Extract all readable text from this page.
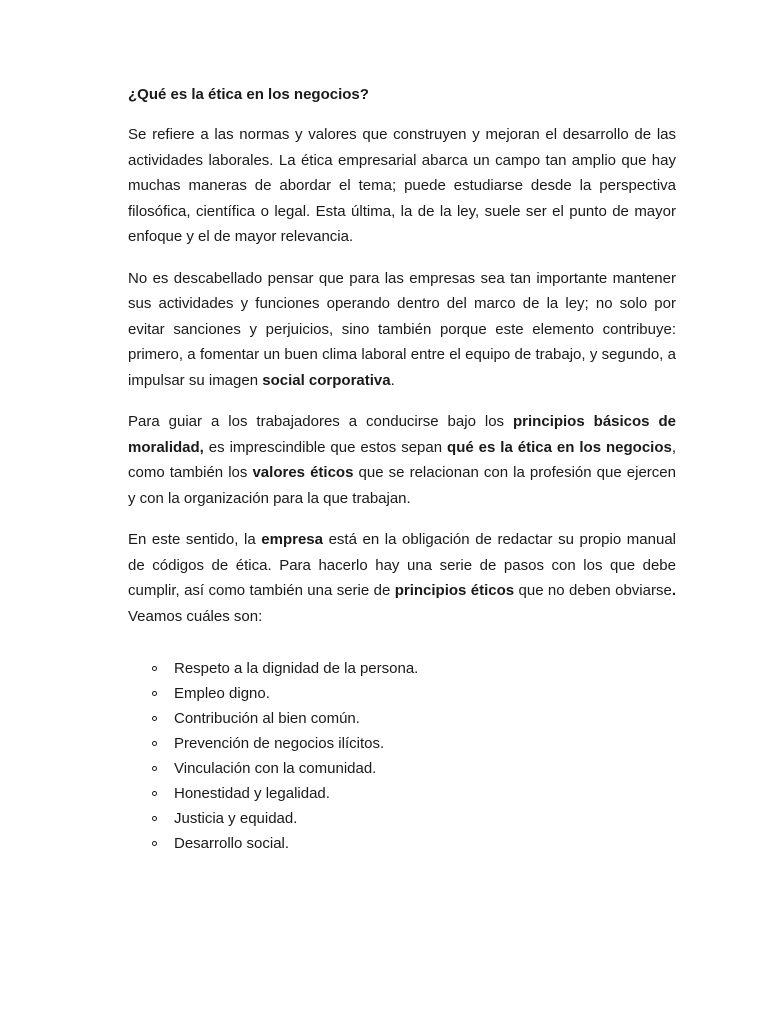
¿Qué es la ética en los negocios?

Se refiere a las normas y valores que construyen y mejoran el desarrollo de las actividades laborales. La ética empresarial abarca un campo tan amplio que hay muchas maneras de abordar el tema; puede estudiarse desde la perspectiva filosófica, científica o legal. Esta última, la de la ley, suele ser el punto de mayor enfoque y el de mayor relevancia.

No es descabellado pensar que para las empresas sea tan importante mantener sus actividades y funciones operando dentro del marco de la ley; no solo por evitar sanciones y perjuicios, sino también porque este elemento contribuye: primero, a fomentar un buen clima laboral entre el equipo de trabajo, y segundo, a impulsar su imagen social corporativa.

Para guiar a los trabajadores a conducirse bajo los principios básicos de moralidad, es imprescindible que estos sepan qué es la ética en los negocios, como también los valores éticos que se relacionan con la profesión que ejercen y con la organización para la que trabajan.

En este sentido, la empresa está en la obligación de redactar su propio manual de códigos de ética. Para hacerlo hay una serie de pasos con los que debe cumplir, así como también una serie de principios éticos que no deben obviarse. Veamos cuáles son:

Respeto a la dignidad de la persona.
Empleo digno.
Contribución al bien común.
Prevención de negocios ilícitos.
Vinculación con la comunidad.
Honestidad y legalidad.
Justicia y equidad.
Desarrollo social.
